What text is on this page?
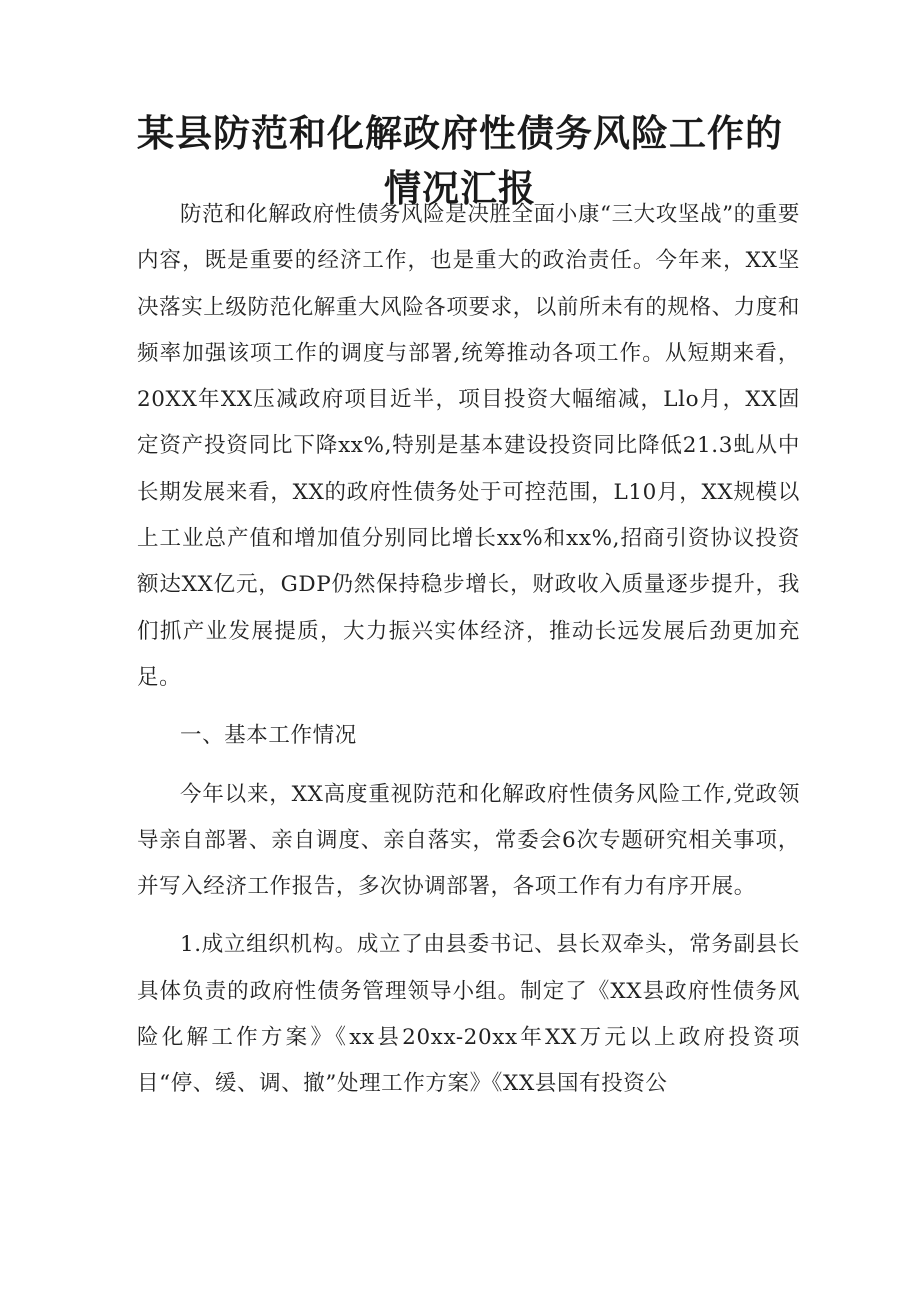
某县防范和化解政府性债务风险工作的
情况汇报

防范和化解政府性债务风险是决胜全面小康“三大攻坚战”的重要内容，既是重要的经济工作，也是重大的政治责任。今年来，XX坚决落实上级防范化解重大风险各项要求，以前所未有的规格、力度和频率加强该项工作的调度与部署,统筹推动各项工作。从短期来看，20XX年XX压减政府项目近半，项目投资大幅缩减，Llo月，XX固定资产投资同比下降xx%,特别是基本建设投资同比降低21.3虬从中长期发展来看，XX的政府性债务处于可控范围，L10月，XX规模以上工业总产值和增加值分别同比增长xx%和xx%,招商引资协议投资额达XX亿元，GDP仍然保持稳步增长，财政收入质量逐步提升，我们抓产业发展提质，大力振兴实体经济，推动长远发展后劲更加充足。

一、基本工作情况

今年以来，XX高度重视防范和化解政府性债务风险工作,党政领导亲自部署、亲自调度、亲自落实，常委会6次专题研究相关事项，并写入经济工作报告，多次协调部署，各项工作有力有序开展。

1.成立组织机构。成立了由县委书记、县长双牵头，常务副县长具体负责的政府性债务管理领导小组。制定了《XX县政府性债务风险化解工作方案》《xx县20xx-20xx年XX万元以上政府投资项目“停、缓、调、撤”处理工作方案》《XX县国有投资公
